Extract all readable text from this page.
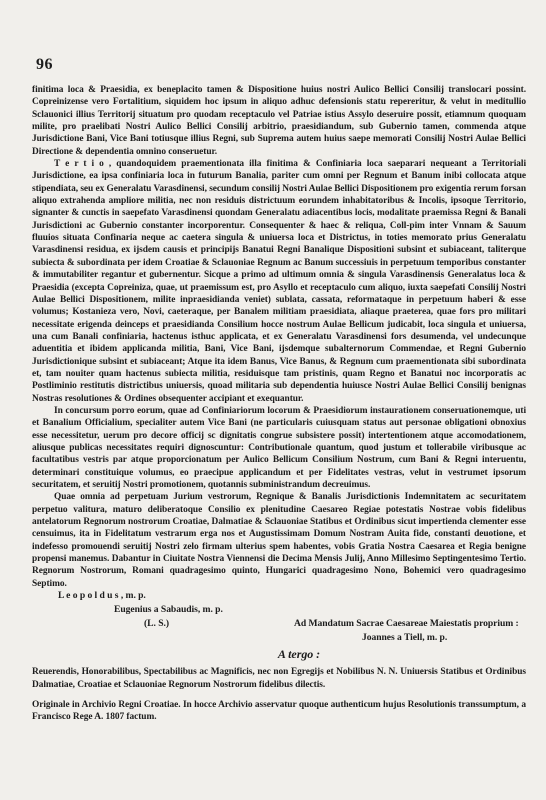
96

finitima loca & Praesidia, ex beneplacito tamen & Dispositione huius nostri Aulico Bellici Consilij translocari possint. Copreinizense vero Fortalitium, siquidem hoc ipsum in aliquo adhuc defensionis statu repereritur, & velut in meditullio Sclauonici illius Territorij situatum pro quodam receptaculo vel Patriae istius Assylo deseruire possit, etiamnum quoquam milite, pro praelibati Nostri Aulico Bellici Consilij arbitrio, praesidiandum, sub Gubernio tamen, commenda atque Jurisdictione Bani, Vice Bani totiusque illius Regni, sub Suprema autem huius saepe memorati Consilij Nostri Aulae Bellici Directione & dependentia omnino conseruetur.

T e r t i o , quandoquidem praementionata illa finitima & Confiniaria loca saeparari nequeant a Territoriali Jurisdictione, ea ipsa confiniaria loca in futurum Banalia, pariter cum omni per Regnum et Banum inibi collocata atque stipendiata, seu ex Generalatu Varasdinensi, secundum consilij Nostri Aulae Bellici Dispositionem pro exigentia rerum forsan aliquo extrahenda ampliore militia, nec non residuis districtuum eorundem inhabitatoribus & Incolis, ipsoque Territorio, signanter & cunctis in saepefato Varasdinensi quondam Generalatu adiacentibus locis, modalitate praemissa Regni & Banali Jurisdictioni ac Gubernio constanter incorporentur. Consequenter & haec & reliqua, Coll-pim inter Vnnam & Sauum fluuios situata Confinaria neque ac caetera singula & uniuersa loca et Districtus, in toties memorato prius Generalatu Varasdinensi residua, ex ijsdem causis et principijs Banatui Regni Banalique Dispositioni subsint et subiaceant, taliterque subiecta & subordinata per idem Croatiae & Sclauoniae Regnum ac Banum successiuis in perpetuum temporibus constanter & immutabiliter regantur et gubernentur. Sicque a primo ad ultimum omnia & singula Varasdinensis Generalatus loca & Praesidia (excepta Copreiniza, quae, ut praemissum est, pro Asyllo et receptaculo cum aliquo, iuxta saepefati Consilij Nostri Aulae Bellici Dispositionem, milite inpraesidianda veniet) sublata, cassata, reformataque in perpetuum haberi & esse volumus; Kostanieza vero, Novi, caeteraque, per Banalem militiam praesidiata, aliaque praeterea, quae fors pro militari necessitate erigenda deinceps et praesidianda Consilium hocce nostrum Aulae Bellicum judicabit, loca singula et uniuersa, una cum Banali confiniaria, hactenus isthuc applicata, et ex Generalatu Varasdinensi fors desumenda, vel undecunque aduentitia et ibidem applicanda militia, Bani, Vice Bani, ijsdemque subalternorum Commendae, et Regni Gubernio Jurisdictionique subsint et subiaceant; Atque ita idem Banus, Vice Banus, & Regnum cum praementionata sibi subordinata et, tam nouiter quam hactenus subiecta militia, residuisque tam pristinis, quam Regno et Banatui noc incorporatis ac Postliminio restitutis districtibus uniuersis, quoad militaria sub dependentia huiusce Nostri Aulae Bellici Consilij benignas Nostras resolutiones & Ordines obsequenter accipiant et exequantur.

In concursum porro eorum, quae ad Confiniariorum locorum & Praesidiorum instaurationem conseruationemque, uti et Banalium Officialium, specialiter autem Vice Bani (ne particularis cuiusquam status aut personae obligationi obnoxius esse necessitetur, uerum pro decore officij sc dignitatis congrue subsistere possit) intertentionem atque accomodationem, aliusque publicas necessitates requiri dignoscuntur: Contributionale quantum, quod justum et tollerabile viribusque ac facultatibus vestris par atque proporcionatum per Aulico Bellicum Consilium Nostrum, cum Bani & Regni interuentu, determinari constituique volumus, eo praecipue applicandum et per Fidelitates vestras, velut in vestrumet ipsorum securitatem, et seruitij Nostri promotionem, quotannis subministrandum decreuimus.

Quae omnia ad perpetuam Jurium vestrorum, Regnique & Banalis Jurisdictionis Indemnitatem ac securitatem perpetuo valitura, maturo deliberatoque Consilio ex plenitudine Caesareo Regiae potestatis Nostrae vobis fidelibus antelatorum Regnorum nostrorum Croatiae, Dalmatiae & Sclauoniae Statibus et Ordinibus sicut impertienda clementer esse censuimus, ita in Fidelitatum vestrarum erga nos et Augustissimam Domum Nostram Auita fide, constanti deuotione, et indefesso promouendi seruitij Nostri zelo firmam ulterius spem habentes, vobis Gratia Nostra Caesarea et Regia benigne propensi manemus. Dabantur in Ciuitate Nostra Viennensi die Decima Mensis Julij, Anno Millesimo Septingentesimo Tertio. Regnorum Nostrorum, Romani quadragesimo quinto, Hungarici quadragesimo Nono, Bohemici vero quadragesimo Septimo.

L e o p o l d u s , m. p.
Eugenius a Sabaudis, m. p.
(L. S.)	Ad Mandatum Sacrae Caesareae Maiestatis proprium :
Joannes a Tiell, m. p.
A tergo :

Reuerendis, Honorabilibus, Spectabilibus ac Magnificis, nec non Egregijs et Nobilibus N. N. Uniuersis Statibus et Ordinibus Dalmatiae, Croatiae et Sclauoniae Regnorum Nostrorum fidelibus dilectis.

Originale in Archivio Regni Croatiae. In hocce Archivio asservatur quoque authenticum hujus Resolutionis transsumptum, a Francisco Rege A. 1807 factum.
